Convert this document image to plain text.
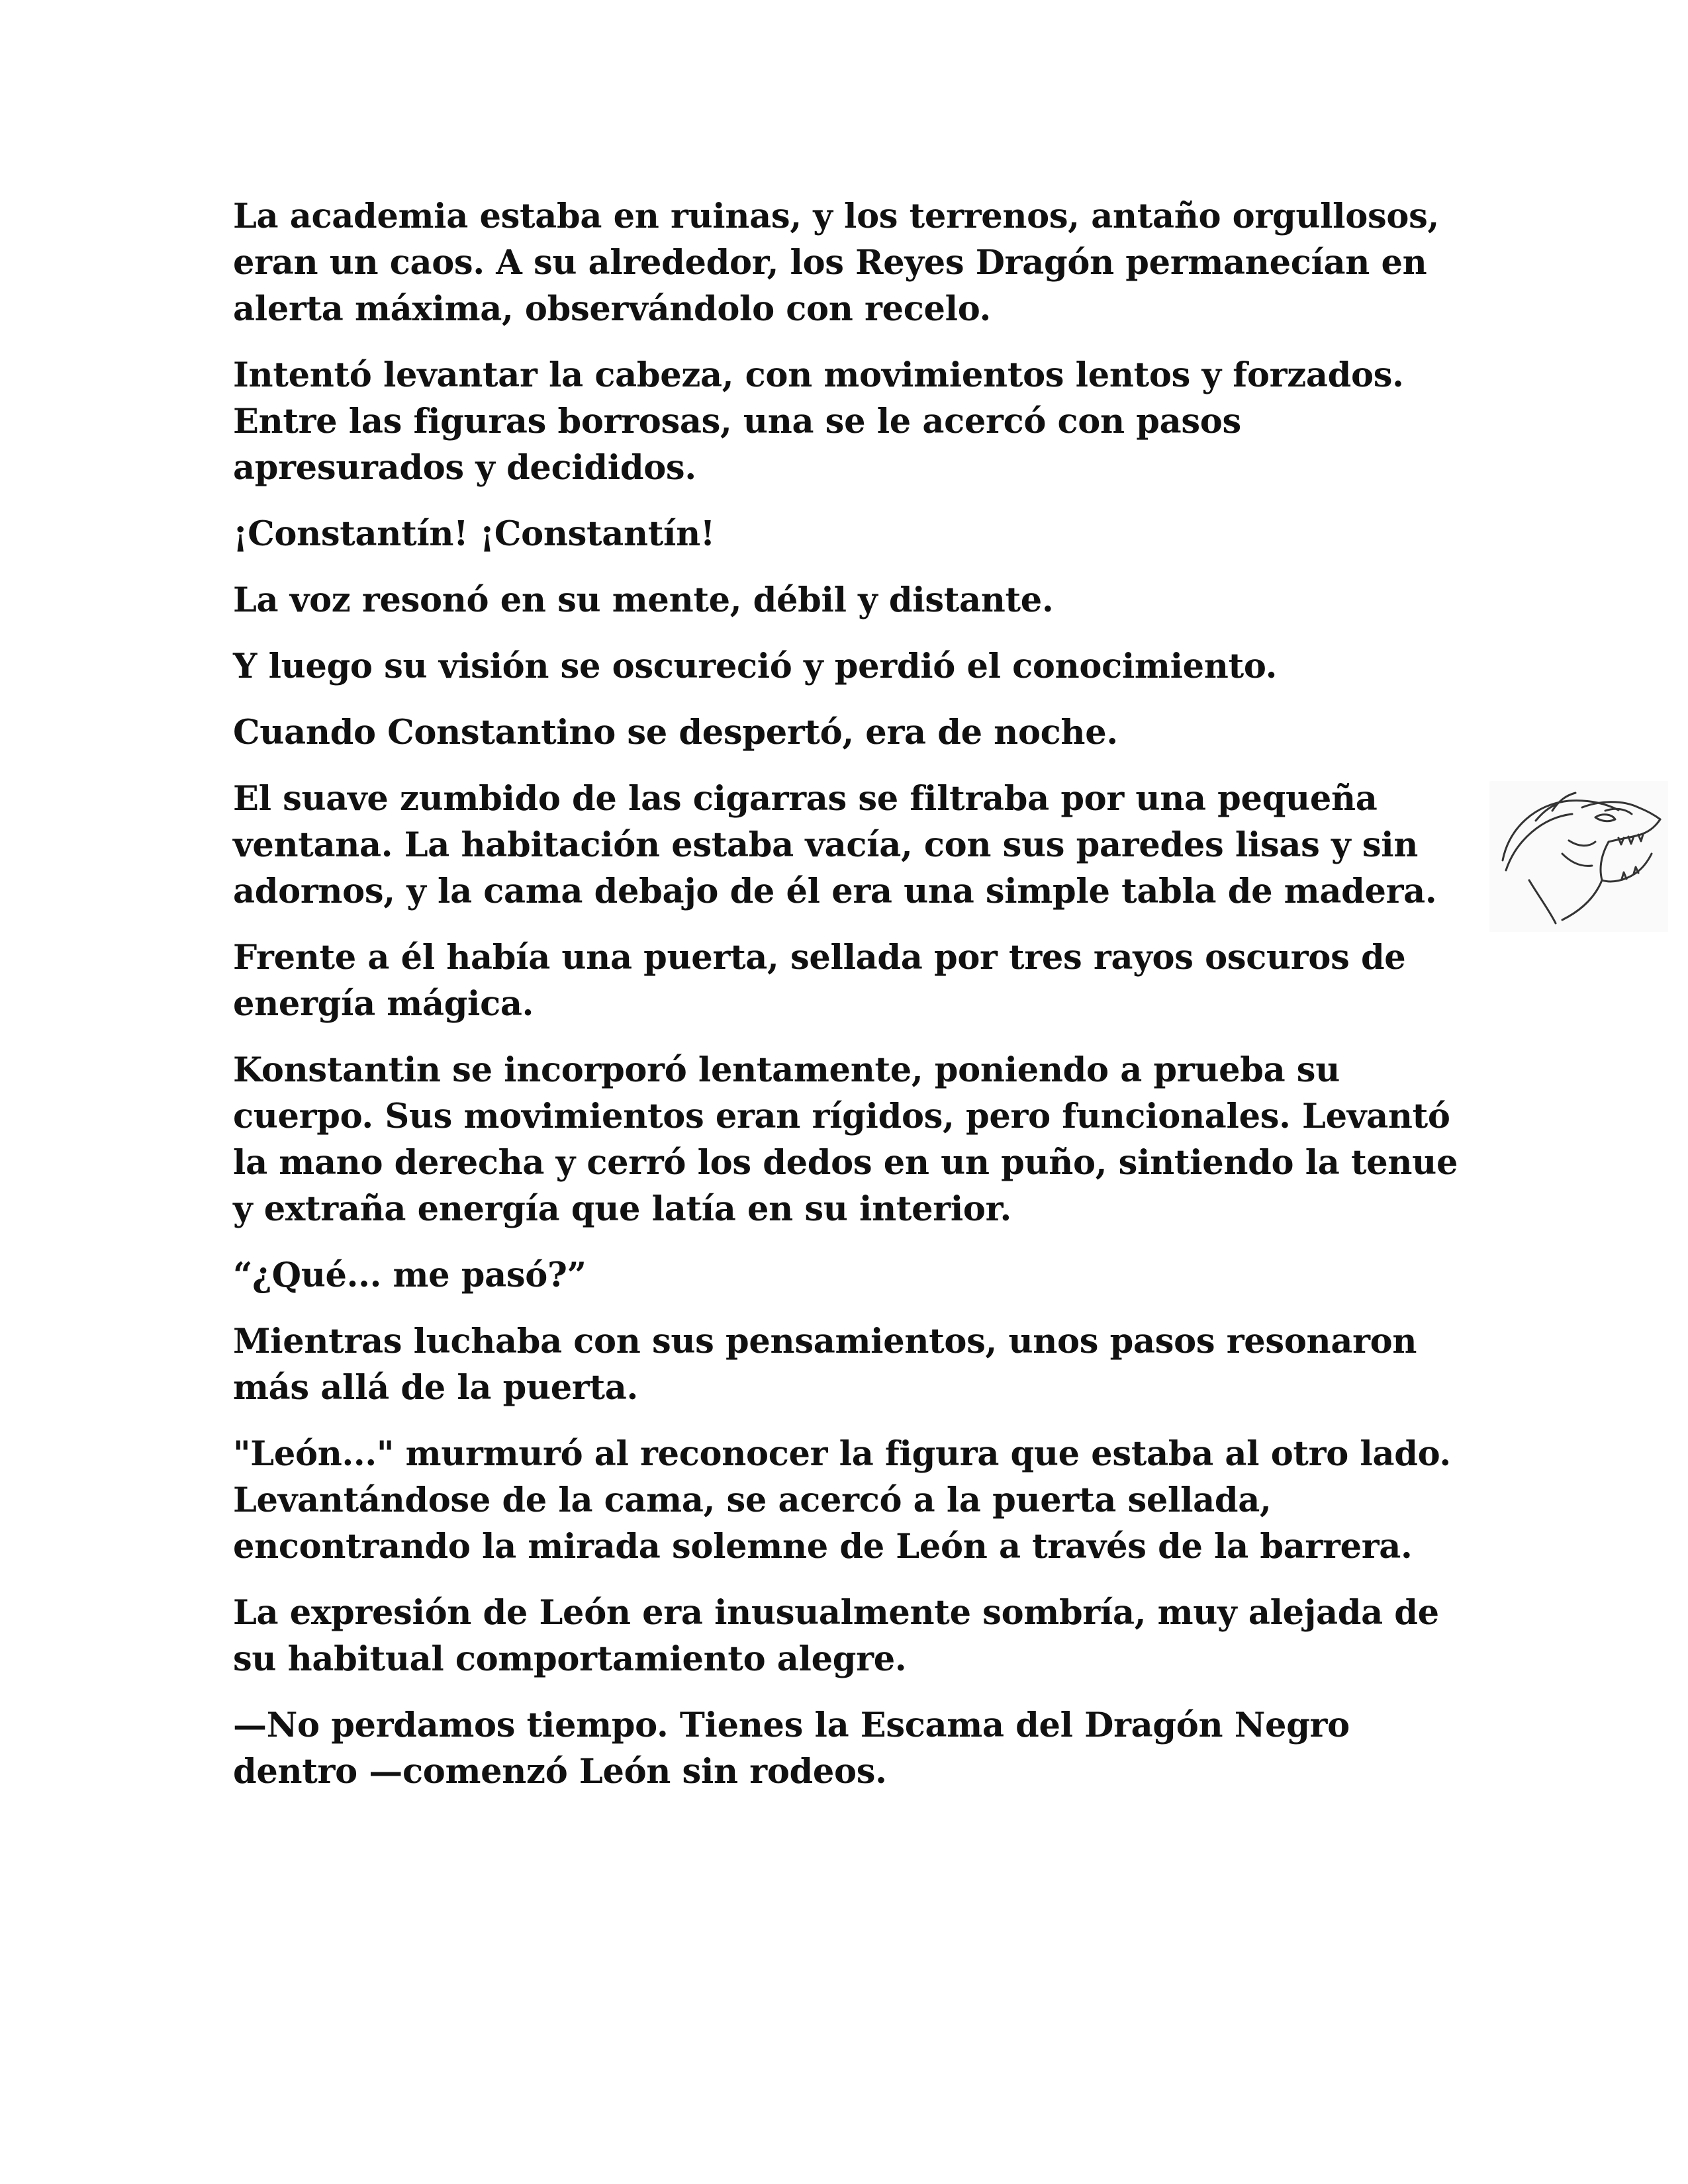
La academia estaba en ruinas, y los terrenos, antaño orgullosos, eran un caos. A su alrededor, los Reyes Dragón permanecían en alerta máxima, observándolo con recelo.

Intentó levantar la cabeza, con movimientos lentos y forzados. Entre las figuras borrosas, una se le acercó con pasos apresurados y decididos.

¡Constantín! ¡Constantín!

La voz resonó en su mente, débil y distante.

Y luego su visión se oscureció y perdió el conocimiento.

Cuando Constantino se despertó, era de noche.

El suave zumbido de las cigarras se filtraba por una pequeña ventana. La habitación estaba vacía, con sus paredes lisas y sin adornos, y la cama debajo de él era una simple tabla de madera.

Frente a él había una puerta, sellada por tres rayos oscuros de energía mágica.

Konstantin se incorporó lentamente, poniendo a prueba su cuerpo. Sus movimientos eran rígidos, pero funcionales. Levantó la mano derecha y cerró los dedos en un puño, sintiendo la tenue y extraña energía que latía en su interior.

“¿Qué... me pasó?”

Mientras luchaba con sus pensamientos, unos pasos resonaron más allá de la puerta.

"León..." murmuró al reconocer la figura que estaba al otro lado. Levantándose de la cama, se acercó a la puerta sellada, encontrando la mirada solemne de León a través de la barrera.

La expresión de León era inusualmente sombría, muy alejada de su habitual comportamiento alegre.

—No perdamos tiempo. Tienes la Escama del Dragón Negro dentro —comenzó León sin rodeos.
